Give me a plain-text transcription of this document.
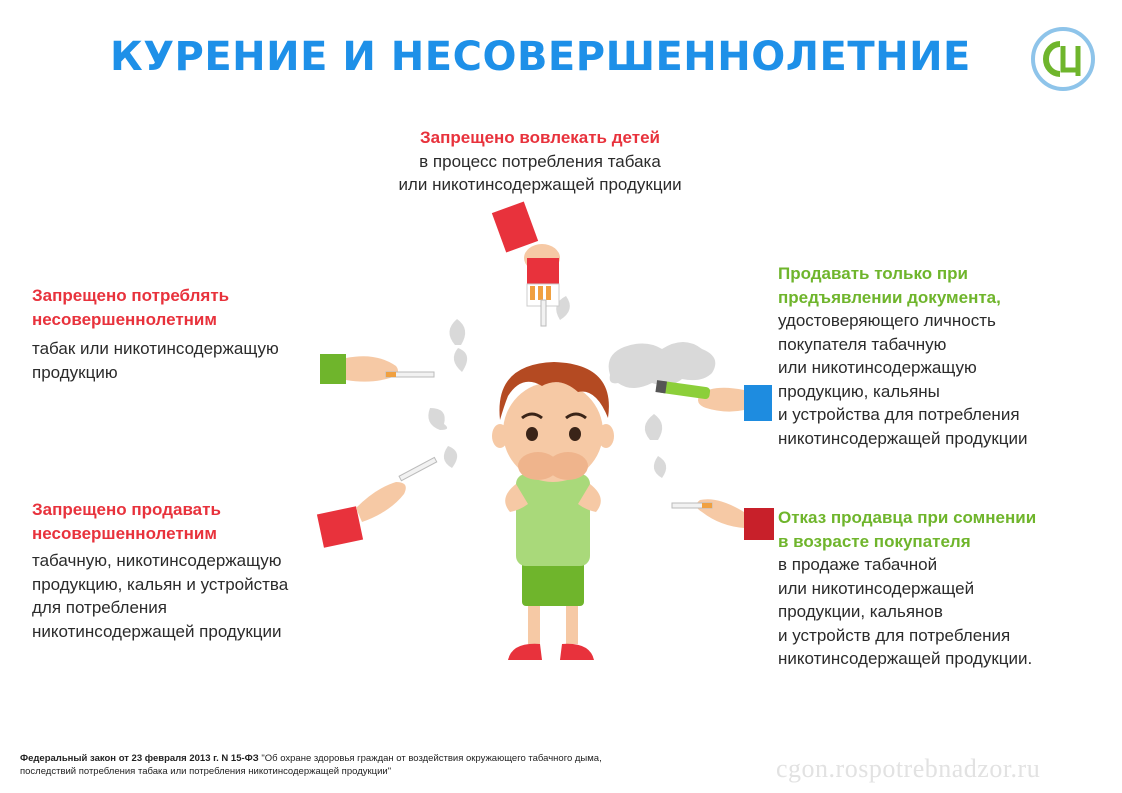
КУРЕНИЕ И НЕСОВЕРШЕННОЛЕТНИЕ
Запрещено вовлекать детей
в процесс потребления табака
или никотинсодержащей продукции
Запрещено потреблять
несовершеннолетним
табак или никотинсодержащую
продукцию
Запрещено продавать
несовершеннолетним
табачную, никотинсодержащую
продукцию, кальян и устройства
для потребления
никотинсодержащей продукции
Продавать только при
предъявлении документа,
удостоверяющего личность
покупателя табачную
или никотинсодержащую
продукцию, кальяны
и устройства для потребления
никотинсодержащей продукции
Отказ продавца при сомнении
в возрасте покупателя
в продаже табачной
или никотинсодержащей
продукции, кальянов
и устройств для потребления
никотинсодержащей продукции.
Федеральный закон от 23 февраля 2013 г. N 15-ФЗ "Об охране здоровья граждан от воздействия окружающего табачного дыма, последствий потребления табака или потребления никотинсодержащей продукции"	cgon.rospotrebnadzor.ru
